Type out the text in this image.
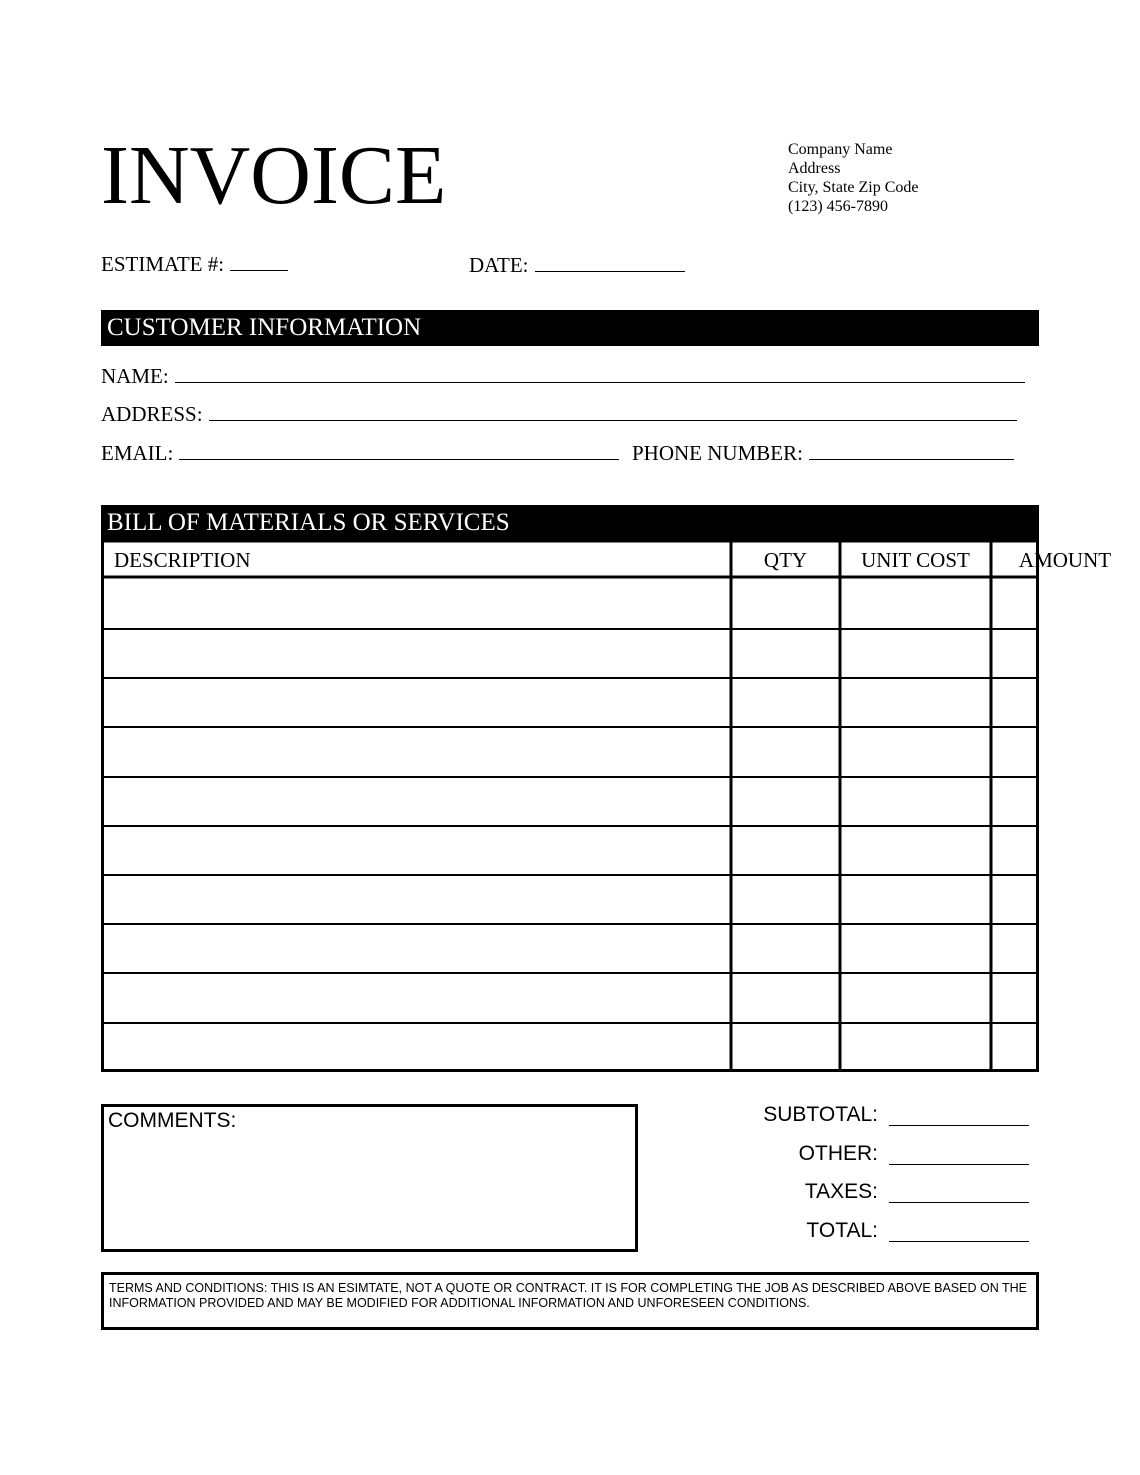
INVOICE	Company Name
Address
City, State Zip Code
(123) 456-7890
ESTIMATE #:	DATE:
CUSTOMER INFORMATION
NAME:
ADDRESS:
EMAIL:	PHONE NUMBER:
BILL OF MATERIALS OR SERVICES
DESCRIPTION	QTY	UNIT COST	AMOUNT
COMMENTS:	SUBTOTAL:
OTHER:
TAXES:
TOTAL:
TERMS AND CONDITIONS: THIS IS AN ESIMTATE, NOT A QUOTE OR CONTRACT. IT IS FOR COMPLETING THE JOB AS DESCRIBED ABOVE BASED ON THE INFORMATION PROVIDED AND MAY BE MODIFIED FOR ADDITIONAL INFORMATION AND UNFORESEEN CONDITIONS.
